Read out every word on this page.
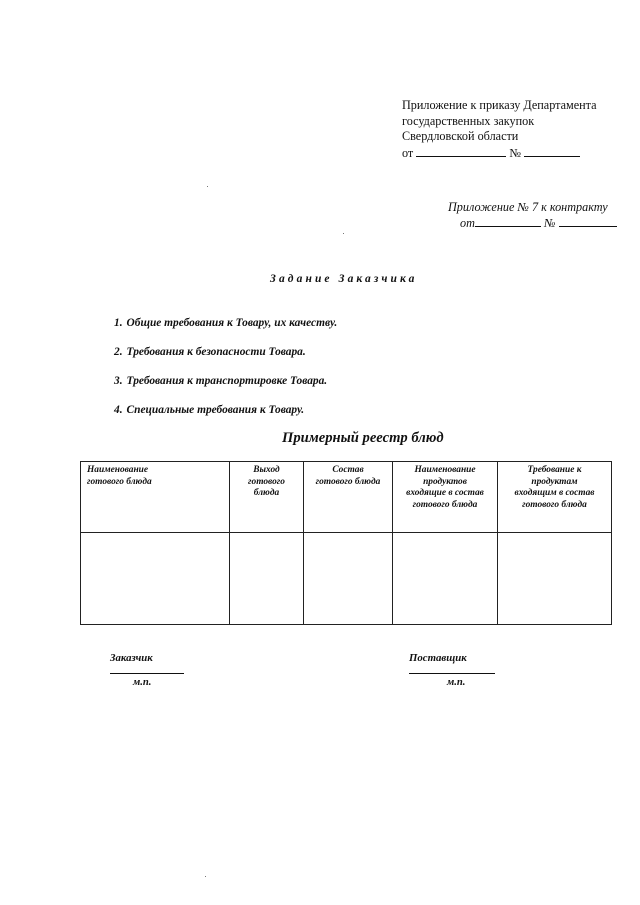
Приложение к приказу Департамента
государственных закупок
Свердловской области
от	№
Приложение № 7 к контракту
от	№
Задание Заказчика
1. Общие требования к Товару, их качеству.
2. Требования к безопасности Товара.
3. Требования к транспортировке Товара.
4. Специальные требования к Товару.
Примерный реестр блюд
Наименование
готового блюда	Выход
готового
блюда	Состав
готового блюда	Наименование
продуктов
входящие в состав
готового блюда	Требование к
продуктам
входящим в состав
готового блюда

Заказчик
м.п.
Поставщик
м.п.
